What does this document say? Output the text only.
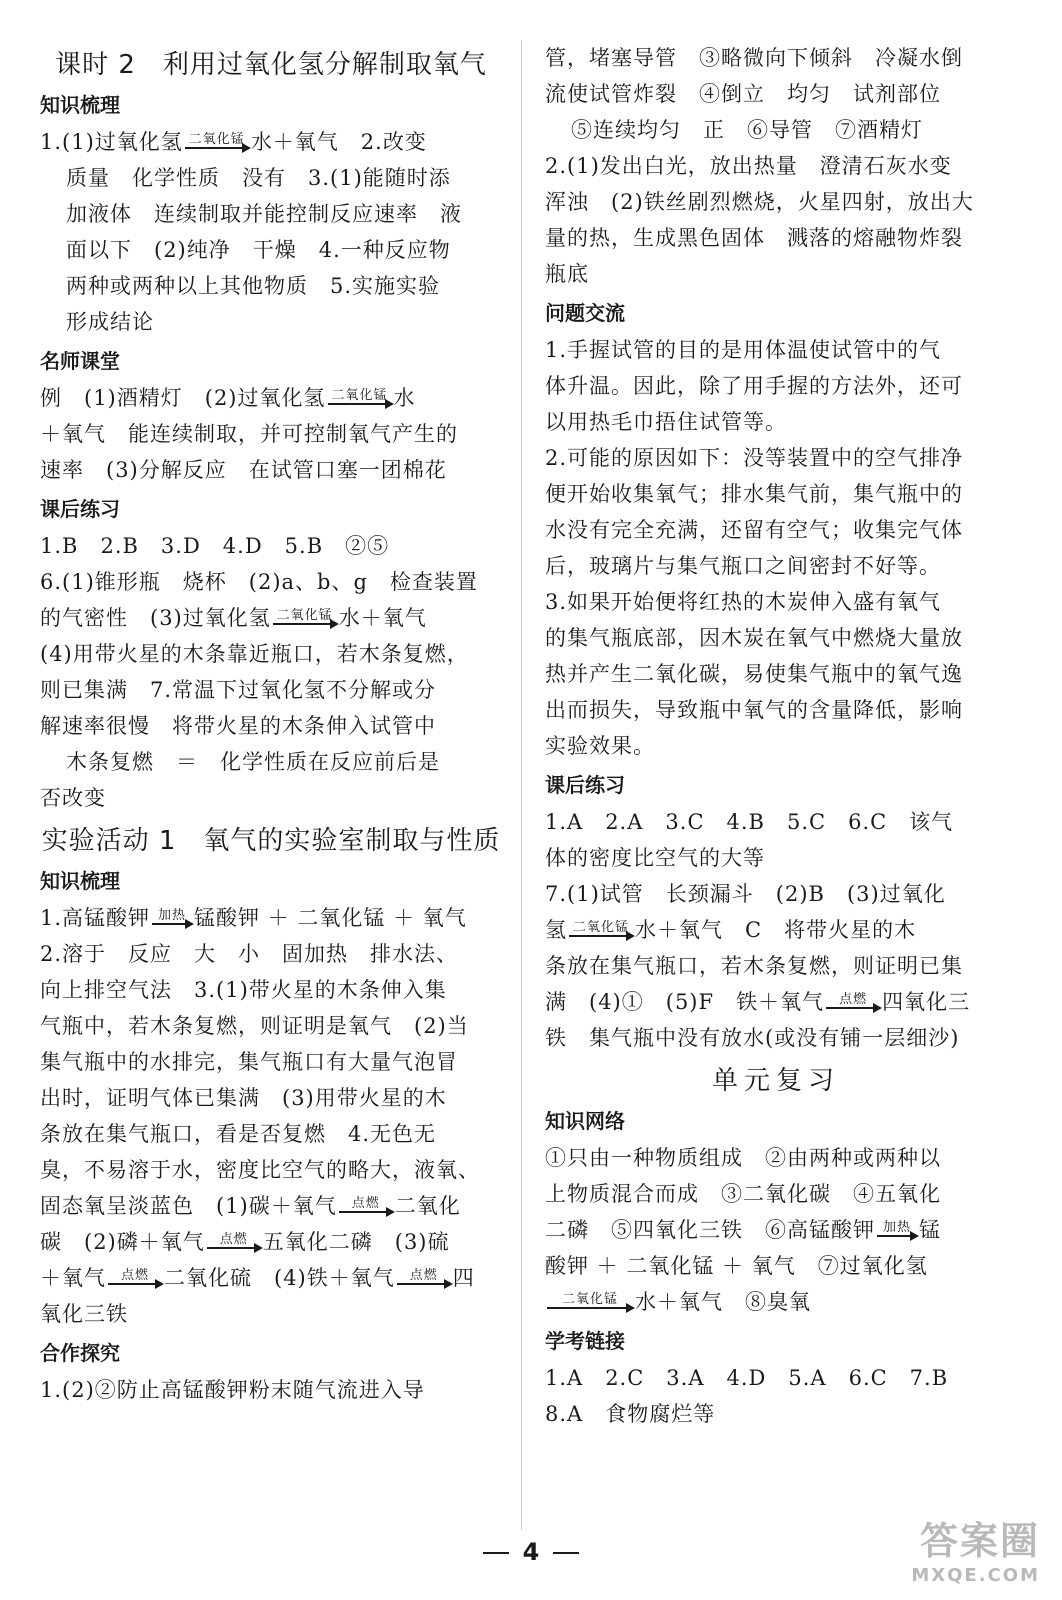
课时 2　利用过氧化氢分解制取氧气
知识梳理

1.(1)过氧化氢 二氧化锰 水＋氧气　2.改变

质量　化学性质　没有　3.(1)能随时添

加液体　连续制取并能控制反应速率　液

面以下　(2)纯净　干燥　4.一种反应物

两种或两种以上其他物质　5.实施实验

形成结论

名师课堂

例　(1)酒精灯　(2)过氧化氢 二氧化锰 水

＋氧气　能连续制取，并可控制氧气产生的

速率　(3)分解反应　在试管口塞一团棉花

课后练习

1.B　2.B　3.D　4.D　5.B　②⑤

6.(1)锥形瓶　烧杯　(2)a、b、g　检查装置

的气密性　(3)过氧化氢 二氧化锰 水＋氧气

(4)用带火星的木条靠近瓶口，若木条复燃，

则已集满　7.常温下过氧化氢不分解或分

解速率很慢　将带火星的木条伸入试管中

木条复燃　＝　化学性质在反应前后是

否改变

实验活动 1　氧气的实验室制取与性质
知识梳理

1.高锰酸钾 加热 锰酸钾 ＋ 二氧化锰 ＋ 氧气

2.溶于　反应　大　小　固加热　排水法、

向上排空气法　3.(1)带火星的木条伸入集

气瓶中，若木条复燃，则证明是氧气　(2)当

集气瓶中的水排完，集气瓶口有大量气泡冒

出时，证明气体已集满　(3)用带火星的木

条放在集气瓶口，看是否复燃　4.无色无

臭，不易溶于水，密度比空气的略大，液氧、

固态氧呈淡蓝色　(1)碳＋氧气	点燃 二氧化

碳　(2)磷＋氧气	点燃 五氧化二磷　(3)硫

＋氧气	点燃 二氧化硫　(4)铁＋氧气	点燃 四

氧化三铁

合作探究

1.(2)②防止高锰酸钾粉末随气流进入导

管，堵塞导管　③略微向下倾斜　冷凝水倒

流使试管炸裂　④倒立　均匀　试剂部位

⑤连续均匀　正　⑥导管　⑦酒精灯

2.(1)发出白光，放出热量　澄清石灰水变

浑浊　(2)铁丝剧烈燃烧，火星四射，放出大

量的热，生成黑色固体　溅落的熔融物炸裂

瓶底

问题交流

1.手握试管的目的是用体温使试管中的气

体升温。因此，除了用手握的方法外，还可

以用热毛巾捂住试管等。

2.可能的原因如下：没等装置中的空气排净

便开始收集氧气；排水集气前，集气瓶中的

水没有完全充满，还留有空气；收集完气体

后，玻璃片与集气瓶口之间密封不好等。

3.如果开始便将红热的木炭伸入盛有氧气

的集气瓶底部，因木炭在氧气中燃烧大量放

热并产生二氧化碳，易使集气瓶中的氧气逸

出而损失，导致瓶中氧气的含量降低，影响

实验效果。

课后练习

1.A　2.A　3.C　4.B　5.C　6.C　该气

体的密度比空气的大等

7.(1)试管　长颈漏斗　(2)B　(3)过氧化

氢 二氧化锰 水＋氧气　C　将带火星的木

条放在集气瓶口，若木条复燃，则证明已集

满　(4)①　(5)F　铁＋氧气	点燃 四氧化三

铁　集气瓶中没有放水(或没有铺一层细沙)

单元复习
知识网络

①只由一种物质组成　②由两种或两种以

上物质混合而成　③二氧化碳　④五氧化

二磷　⑤四氧化三铁　⑥高锰酸钾 加热 锰

酸钾 ＋ 二氧化锰 ＋ 氧气　⑦过氧化氢

二氧化锰 水＋氧气　⑧臭氧

学考链接

1.A　2.C　3.A　4.D　5.A　6.C　7.B

8.A　食物腐烂等

4	答案圈
MXQE.COM
